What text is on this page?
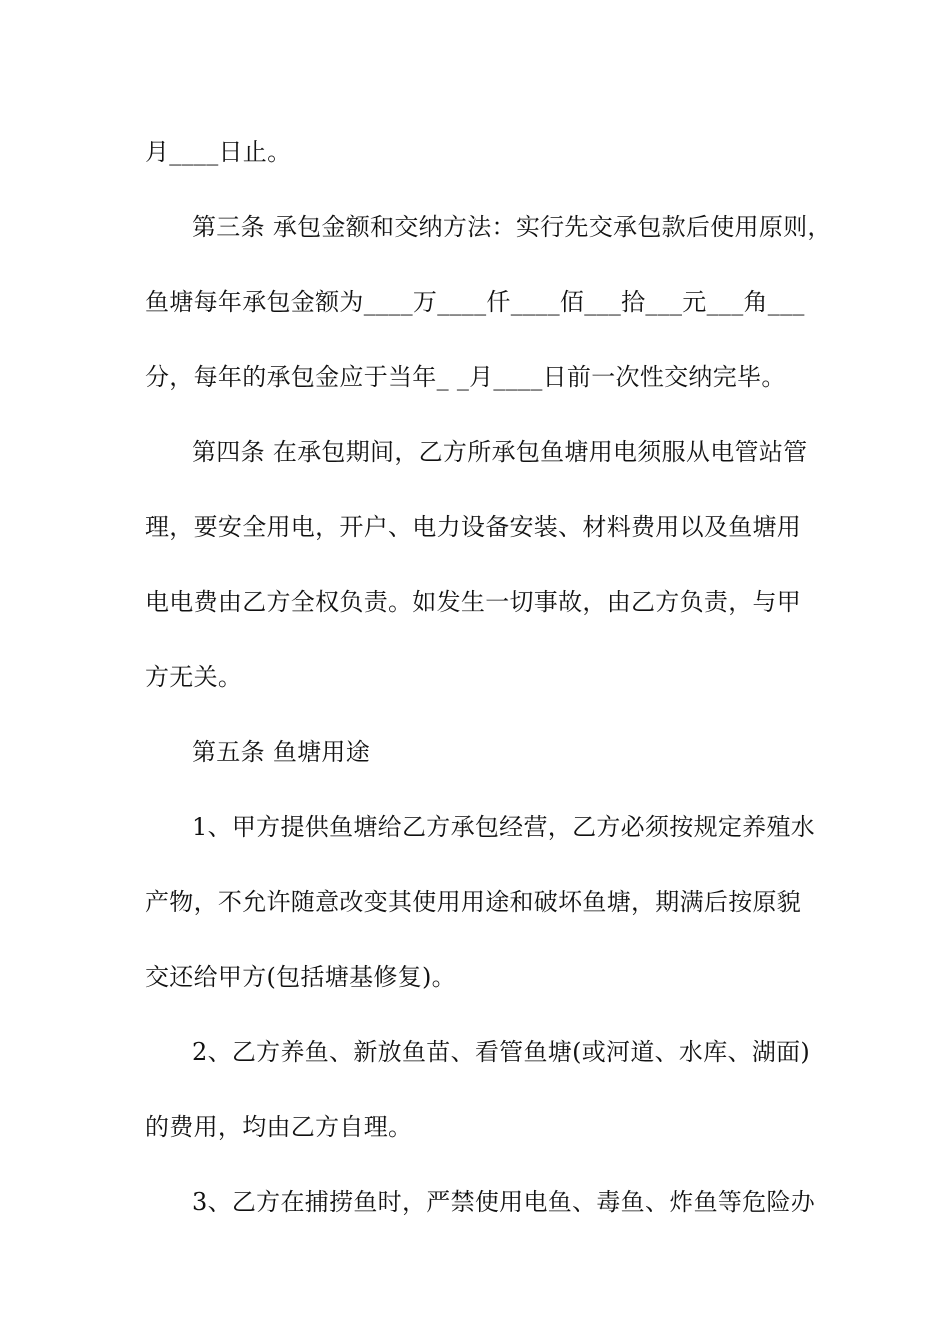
月____日止。
第三条 承包金额和交纳方法：实行先交承包款后使用原则，
鱼塘每年承包金额为____万____仟____佰___拾___元___角___
分，每年的承包金应于当年_ _月____日前一次性交纳完毕。
第四条 在承包期间，乙方所承包鱼塘用电须服从电管站管
理，要安全用电，开户、电力设备安装、材料费用以及鱼塘用
电电费由乙方全权负责。如发生一切事故，由乙方负责，与甲
方无关。
第五条 鱼塘用途
1、甲方提供鱼塘给乙方承包经营，乙方必须按规定养殖水
产物，不允许随意改变其使用用途和破坏鱼塘，期满后按原貌
交还给甲方(包括塘基修复)。
2、乙方养鱼、新放鱼苗、看管鱼塘(或河道、水库、湖面)
的费用，均由乙方自理。
3、乙方在捕捞鱼时，严禁使用电鱼、毒鱼、炸鱼等危险办
